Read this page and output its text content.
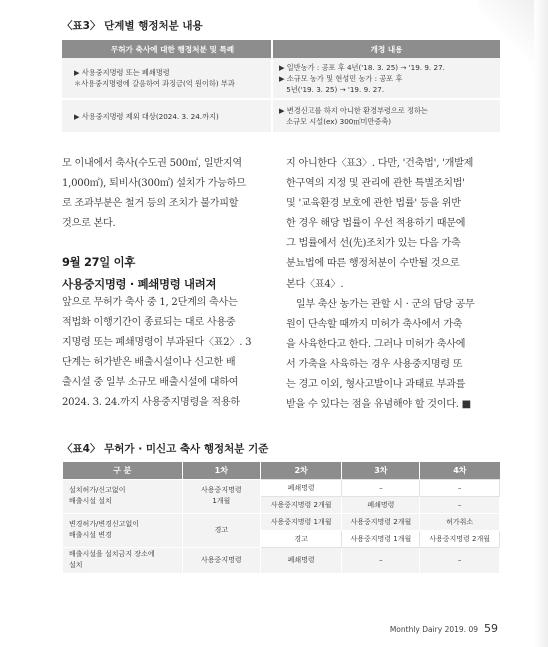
〈표3〉 단계별 행정처분 내용
무허가 축사에 대한 행정처분 및 특례	개정 내용

▶ 사용중지명령 또는 폐쇄명령
＊사용중지명령에 갈음하여 과징금(억 원이하) 부과	▶ 일반농가 : 공포 후 4년('18. 3. 25) → '19. 9. 27.
▶ 소규모 농가 및 현성민 농가 : 공포 후
　5년('19. 3. 25) → '19. 9. 27.

▶ 사용중지명령 제외 대상(2024. 3. 24.까지)	▶ 변경신고를 하지 아니한 환경부령으로 정하는
　소규모 시설(ex) 300㎡미만증축)
모 이내에서 축사(수도권 500㎡, 일반지역
1,000㎡), 퇴비사(300㎡) 설치가 가능하므
로 조과부분은 철거 등의 조치가 불가피할
것으로 본다.
9월 27일 이후
사용중지명령 · 폐쇄명령 내려져
앞으로 무허가 축사 중 1, 2단계의 축사는
적법화 이행기간이 종료되는 대로 사용중
지명령 또는 폐쇄명령이 부과된다〈표2〉. 3
단계는 허가받은 배출시설이나 신고한 배
출시설 중 일부 소규모 배출시설에 대하여
2024. 3. 24.까지 사용중지명령을 적용하
지 아니한다〈표3〉. 다만, '건축법', '개발제
한구역의 지정 및 관리에 관한 특별조치법'
및 '교육환경 보호에 관한 법률' 등을 위반
한 경우 해당 법률이 우선 적용하기 때문에
그 법률에서 선(先)조치가 있는 다음 가축
분뇨법에 따른 행정처분이 수반될 것으로
본다〈표4〉.
　일부 축산 농가는 관할 시 · 군의 담당 공무
원이 단속할 때까지 미허가 축사에서 가축
을 사육한다고 한다. 그러나 미허가 축사에
서 가축을 사육하는 경우 사용중지명령 또
는 경고 이외, 형사고발이나 과태료 부과를
받을 수 있다는 점을 유념해야 할 것이다. ■
〈표4〉 무허가 · 미신고 축사 행정처분 기준
구 분	1차	2차	3차	4차

설치허가/신고없이
배출시설 설치	사용중지명령
1개월	폐쇄명령	–	–
		사용중지명령 2개월	폐쇄명령	–

변경허가/변경신고없이
배출시설 변경	경고	사용중지명령 1개월	사용중지명령 2개월	허가취소
		경고	사용중지명령 1개월	사용중지명령 2개월

배출시설을 설치금지 장소에
설치	사용중지명령	폐쇄명령	–	–
Monthly Dairy 2019. 09 59
